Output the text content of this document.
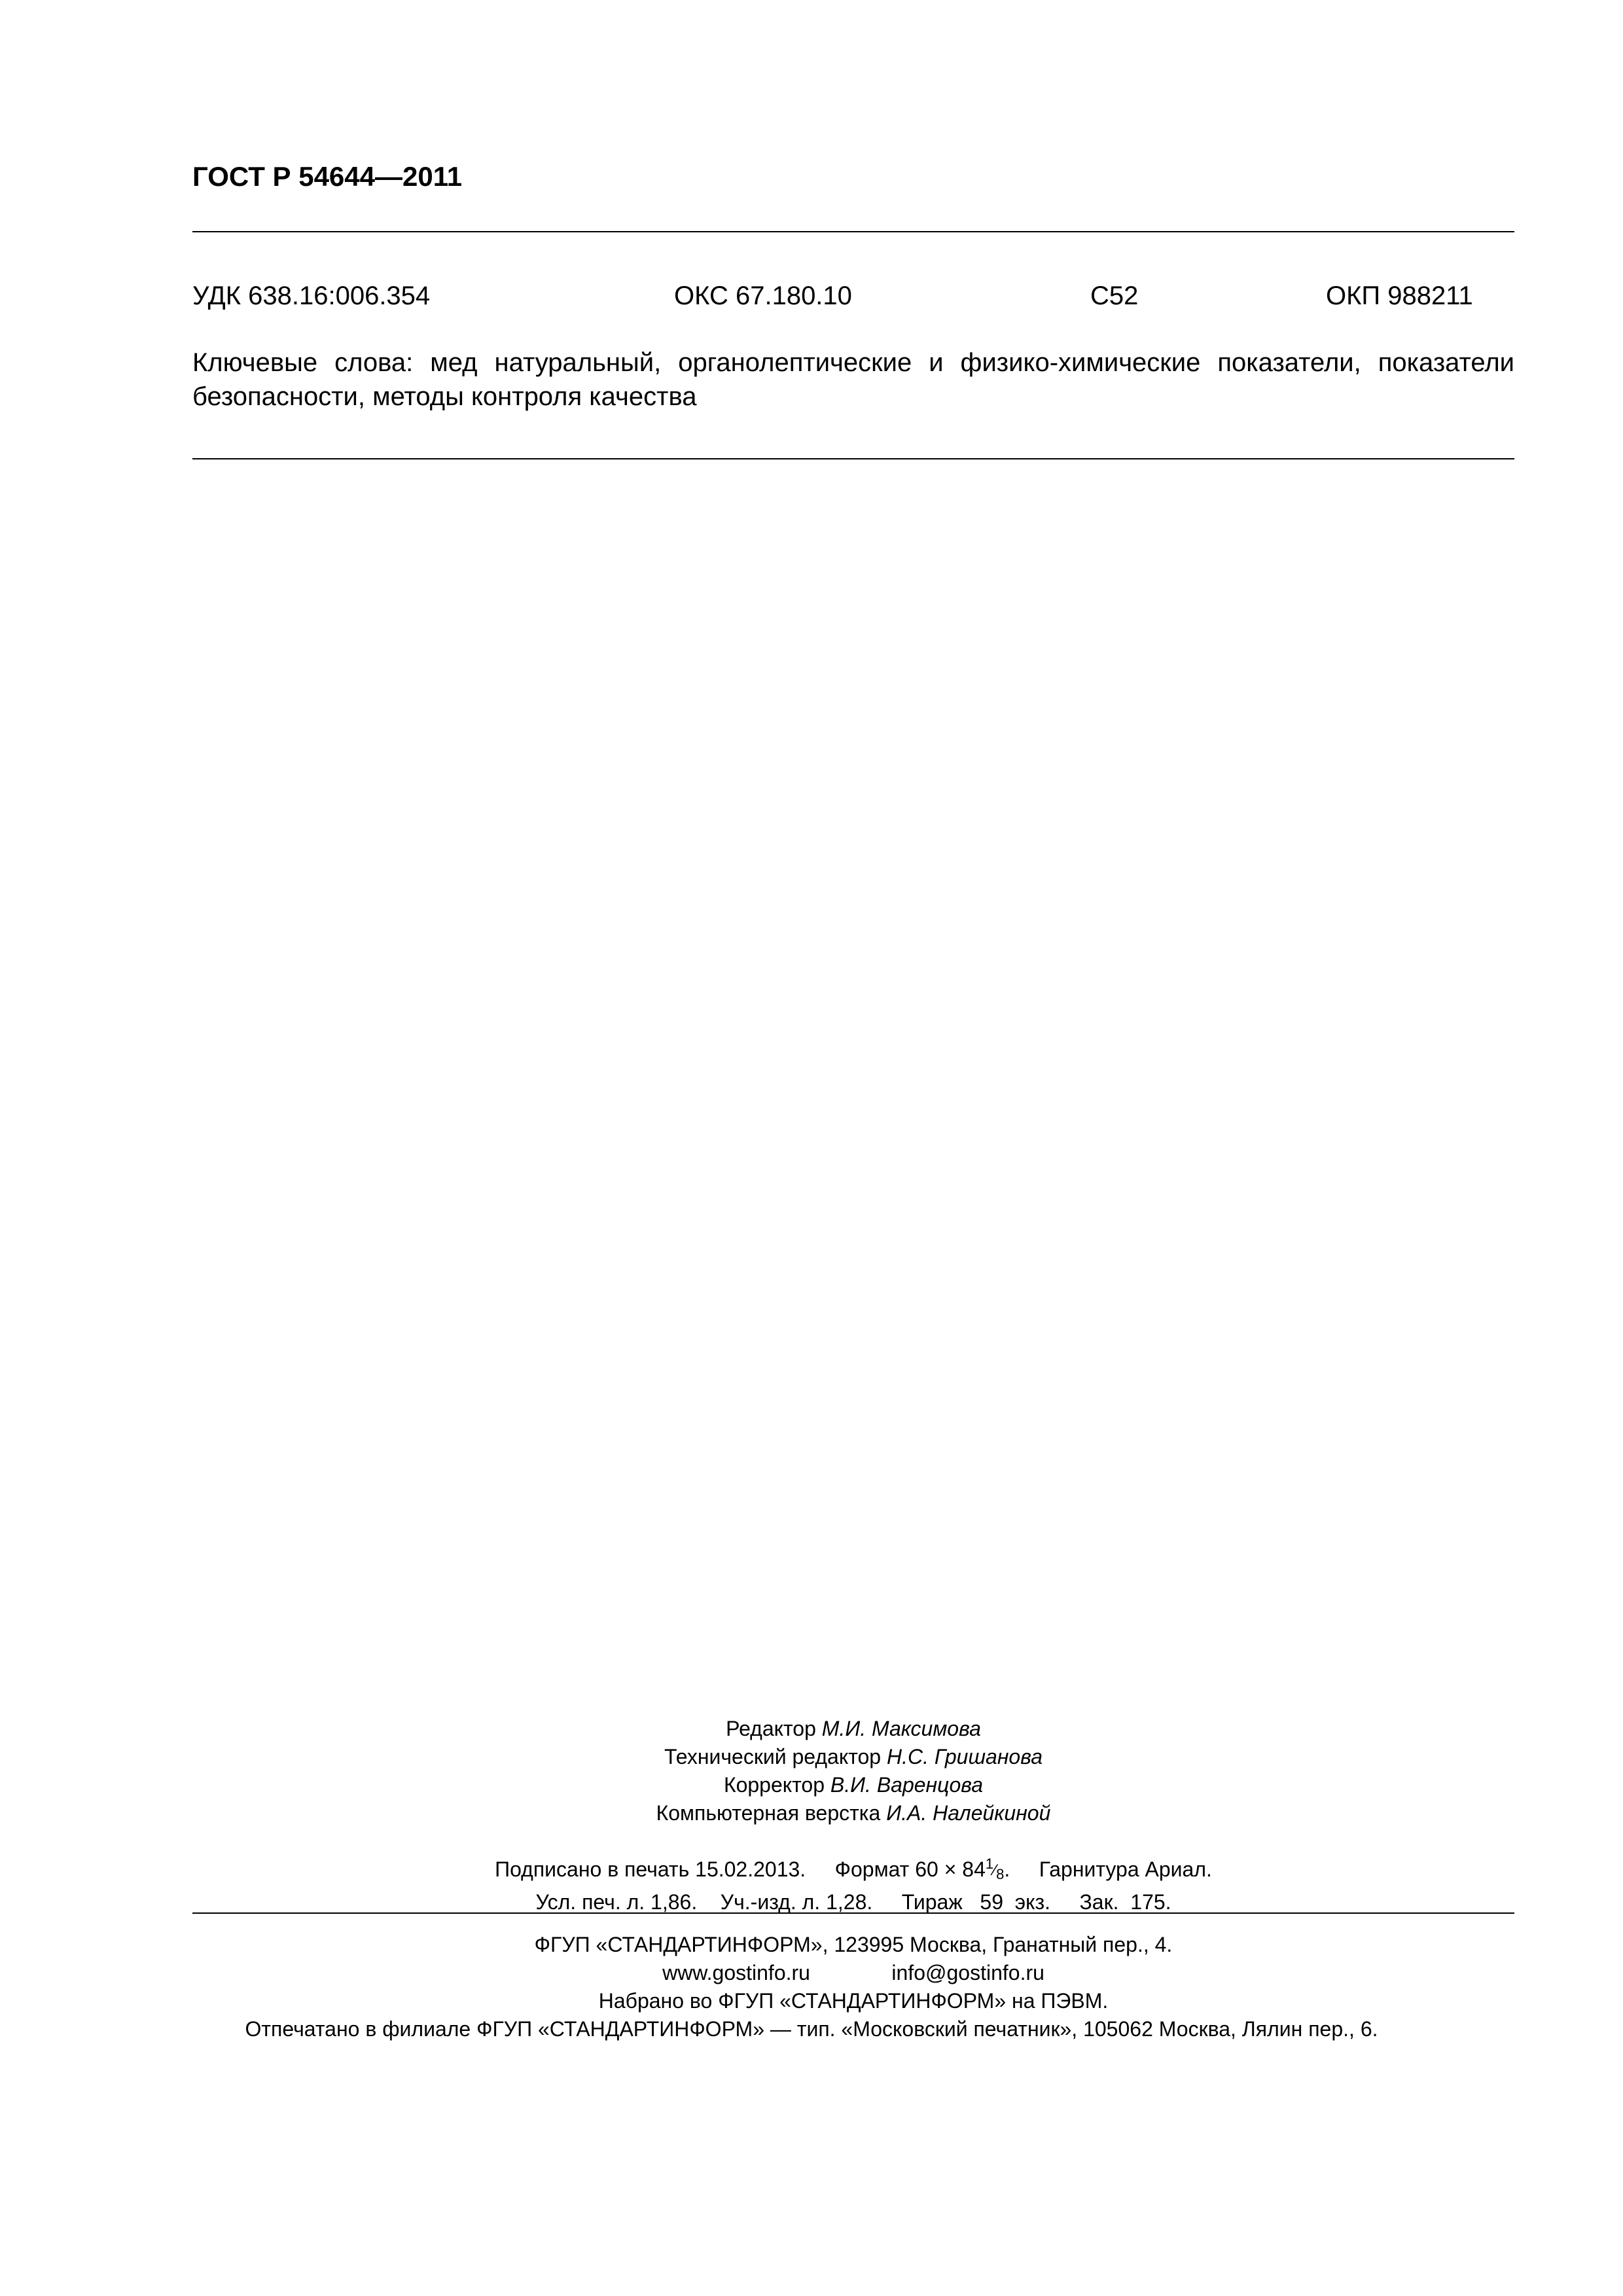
ГОСТ Р 54644—2011
УДК 638.16:006.354	ОКС 67.180.10	С52	ОКП 988211
Ключевые слова: мед натуральный, органолептические и физико-химические показатели, показатели безопасности, методы контроля качества
Редактор М.И. Максимова
Технический редактор Н.С. Гришанова
Корректор В.И. Варенцова
Компьютерная верстка И.А. Налейкиной
Подписано в печать 15.02.2013. Формат $60 \times 84^1⁄_8$.     Гарнитура Ариал.
Усл. печ. л. 1,86.    Уч.-изд. л. 1,28.     Тираж   59  экз.     Зак.  175.
ФГУП «СТАНДАРТИНФОРМ», 123995 Москва, Гранатный пер., 4.
www.gostinfo.ru	info@gostinfo.ru
Набрано во ФГУП «СТАНДАРТИНФОРМ» на ПЭВМ.
Отпечатано в филиале ФГУП «СТАНДАРТИНФОРМ» — тип. «Московский печатник», 105062 Москва, Лялин пер., 6.
